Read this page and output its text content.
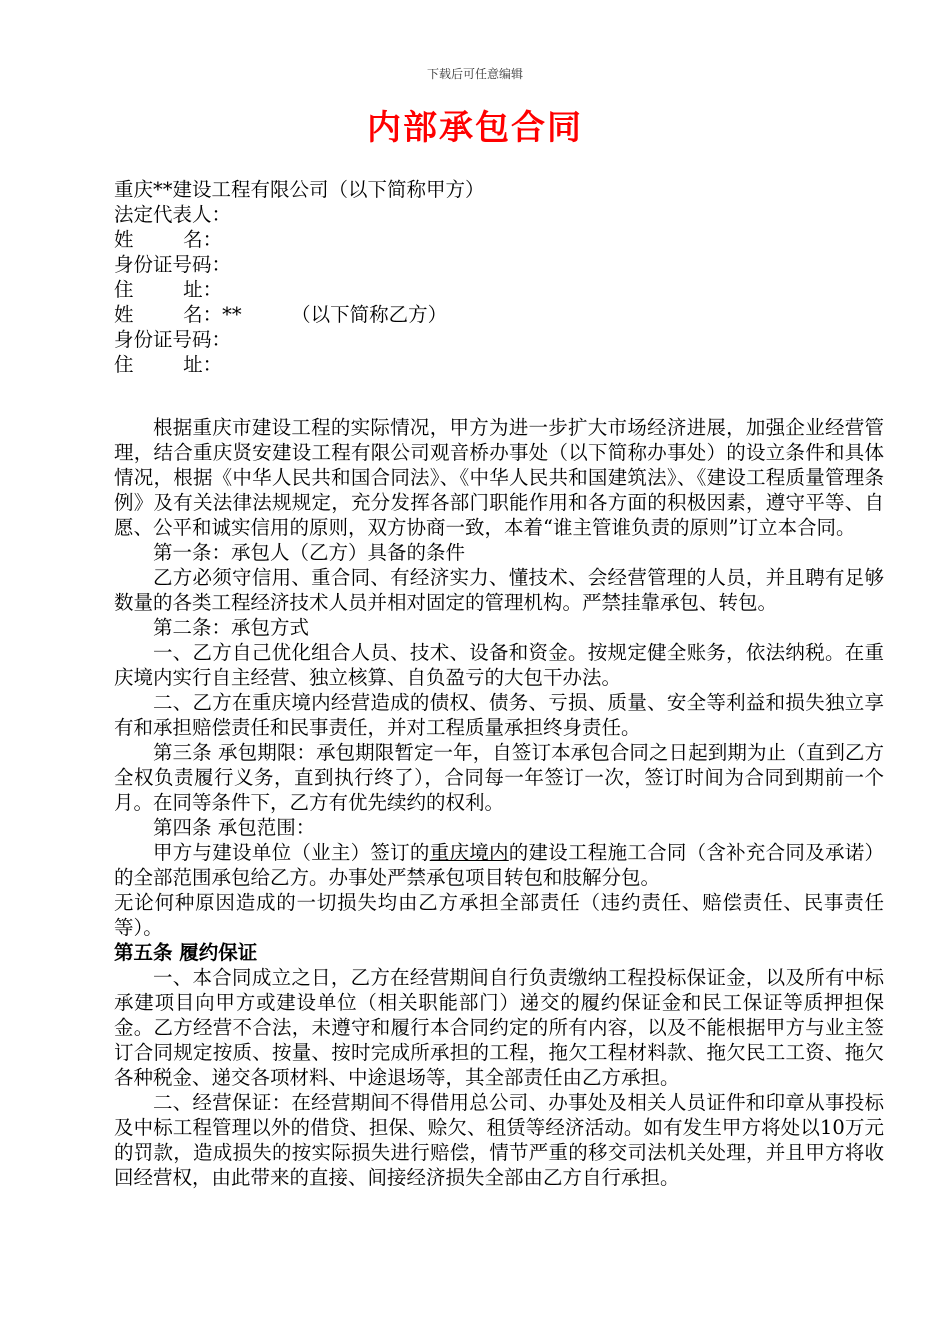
下载后可任意编辑
内部承包合同

重庆**建设工程有限公司（以下简称甲方）

法定代表人：

姓        名：

身份证号码：

住        址：

姓        名：**        （以下简称乙方）

身份证号码：

住        址：

根据重庆市建设工程的实际情况，甲方为进一步扩大市场经济进展，加强企业经营管理，结合重庆贤安建设工程有限公司观音桥办事处（以下简称办事处）的设立条件和具体情况，根据《中华人民共和国合同法》、《中华人民共和国建筑法》、《建设工程质量管理条例》及有关法律法规规定，充分发挥各部门职能作用和各方面的积极因素，遵守平等、自愿、公平和诚实信用的原则，双方协商一致，本着“谁主管谁负责的原则”订立本合同。

第一条：承包人（乙方）具备的条件

乙方必须守信用、重合同、有经济实力、懂技术、会经营管理的人员，并且聘有足够数量的各类工程经济技术人员并相对固定的管理机构。严禁挂靠承包、转包。

第二条：承包方式

一、乙方自己优化组合人员、技术、设备和资金。按规定健全账务，依法纳税。在重庆境内实行自主经营、独立核算、自负盈亏的大包干办法。

二、乙方在重庆境内经营造成的债权、债务、亏损、质量、安全等利益和损失独立享有和承担赔偿责任和民事责任，并对工程质量承担终身责任。

第三条 承包期限：承包期限暂定一年，自签订本承包合同之日起到期为止（直到乙方全权负责履行义务，直到执行终了），合同每一年签订一次，签订时间为合同到期前一个月。在同等条件下，乙方有优先续约的权利。

第四条 承包范围：

甲方与建设单位（业主）签订的重庆境内的建设工程施工合同（含补充合同及承诺）的全部范围承包给乙方。办事处严禁承包项目转包和肢解分包。

无论何种原因造成的一切损失均由乙方承担全部责任（违约责任、赔偿责任、民事责任等）。

第五条 履约保证

一、本合同成立之日，乙方在经营期间自行负责缴纳工程投标保证金，以及所有中标承建项目向甲方或建设单位（相关职能部门）递交的履约保证金和民工保证等质押担保金。乙方经营不合法，未遵守和履行本合同约定的所有内容，以及不能根据甲方与业主签订合同规定按质、按量、按时完成所承担的工程，拖欠工程材料款、拖欠民工工资、拖欠各种税金、递交各项材料、中途退场等，其全部责任由乙方承担。

二、经营保证：在经营期间不得借用总公司、办事处及相关人员证件和印章从事投标及中标工程管理以外的借贷、担保、赊欠、租赁等经济活动。如有发生甲方将处以10万元的罚款，造成损失的按实际损失进行赔偿，情节严重的移交司法机关处理，并且甲方将收回经营权，由此带来的直接、间接经济损失全部由乙方自行承担。
